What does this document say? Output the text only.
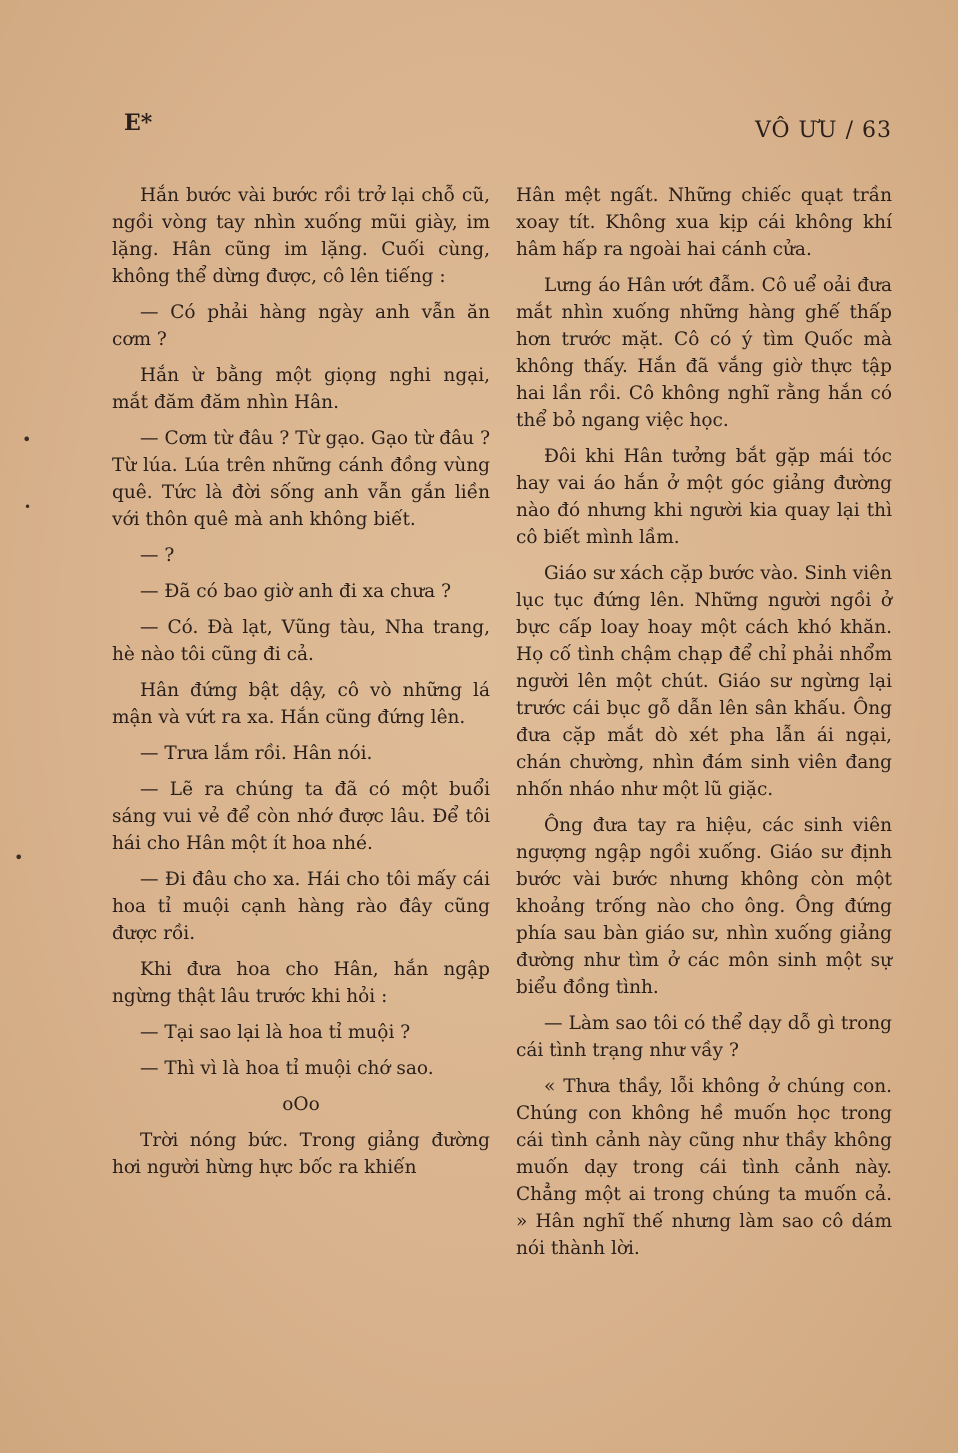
E*	VÔ ƯU / 63

Hắn bước vài bước rồi trở lại chỗ cũ, ngồi vòng tay nhìn xuống mũi giày, im lặng. Hân cũng im lặng. Cuối cùng, không thể dừng được, cô lên tiếng :

— Có phải hàng ngày anh vẫn ăn cơm ?

Hắn ừ bằng một giọng nghi ngại, mắt đăm đăm nhìn Hân.

— Cơm từ đâu ? Từ gạo. Gạo từ đâu ? Từ lúa. Lúa trên những cánh đồng vùng quê. Tức là đời sống anh vẫn gắn liền với thôn quê mà anh không biết.

— ?

— Đã có bao giờ anh đi xa chưa ?

— Có. Đà lạt, Vũng tàu, Nha trang, hè nào tôi cũng đi cả.

Hân đứng bật dậy, cô vò những lá mận và vứt ra xa. Hắn cũng đứng lên.

— Trưa lắm rồi. Hân nói.

— Lẽ ra chúng ta đã có một buổi sáng vui vẻ để còn nhớ được lâu. Để tôi hái cho Hân một ít hoa nhé.

— Đi đâu cho xa. Hái cho tôi mấy cái hoa tỉ muội cạnh hàng rào đây cũng được rồi.

Khi đưa hoa cho Hân, hắn ngập ngừng thật lâu trước khi hỏi :

— Tại sao lại là hoa tỉ muội ?

— Thì vì là hoa tỉ muội chớ sao.

oOo

Trời nóng bức. Trong giảng đường hơi người hừng hực bốc ra khiến

Hân mệt ngất. Những chiếc quạt trần xoay tít. Không xua kịp cái không khí hâm hấp ra ngoài hai cánh cửa.

Lưng áo Hân ướt đẫm. Cô uể oải đưa mắt nhìn xuống những hàng ghế thấp hơn trước mặt. Cô có ý tìm Quốc mà không thấy. Hắn đã vắng giờ thực tập hai lần rồi. Cô không nghĩ rằng hắn có thể bỏ ngang việc học.

Đôi khi Hân tưởng bắt gặp mái tóc hay vai áo hắn ở một góc giảng đường nào đó nhưng khi người kia quay lại thì cô biết mình lầm.

Giáo sư xách cặp bước vào. Sinh viên lục tục đứng lên. Những người ngồi ở bực cấp loay hoay một cách khó khăn. Họ cố tình chậm chạp để chỉ phải nhổm người lên một chút. Giáo sư ngừng lại trước cái bục gỗ dẫn lên sân khấu. Ông đưa cặp mắt dò xét pha lẫn ái ngại, chán chường, nhìn đám sinh viên đang nhốn nháo như một lũ giặc.

Ông đưa tay ra hiệu, các sinh viên ngượng ngập ngồi xuống. Giáo sư định bước vài bước nhưng không còn một khoảng trống nào cho ông. Ông đứng phía sau bàn giáo sư, nhìn xuống giảng đường như tìm ở các môn sinh một sự biểu đồng tình.

— Làm sao tôi có thể dạy dỗ gì trong cái tình trạng như vầy ?

« Thưa thầy, lỗi không ở chúng con. Chúng con không hề muốn học trong cái tình cảnh này cũng như thầy không muốn dạy trong cái tình cảnh này. Chẳng một ai trong chúng ta muốn cả. » Hân nghĩ thế nhưng làm sao cô dám nói thành lời.

•
•
•
